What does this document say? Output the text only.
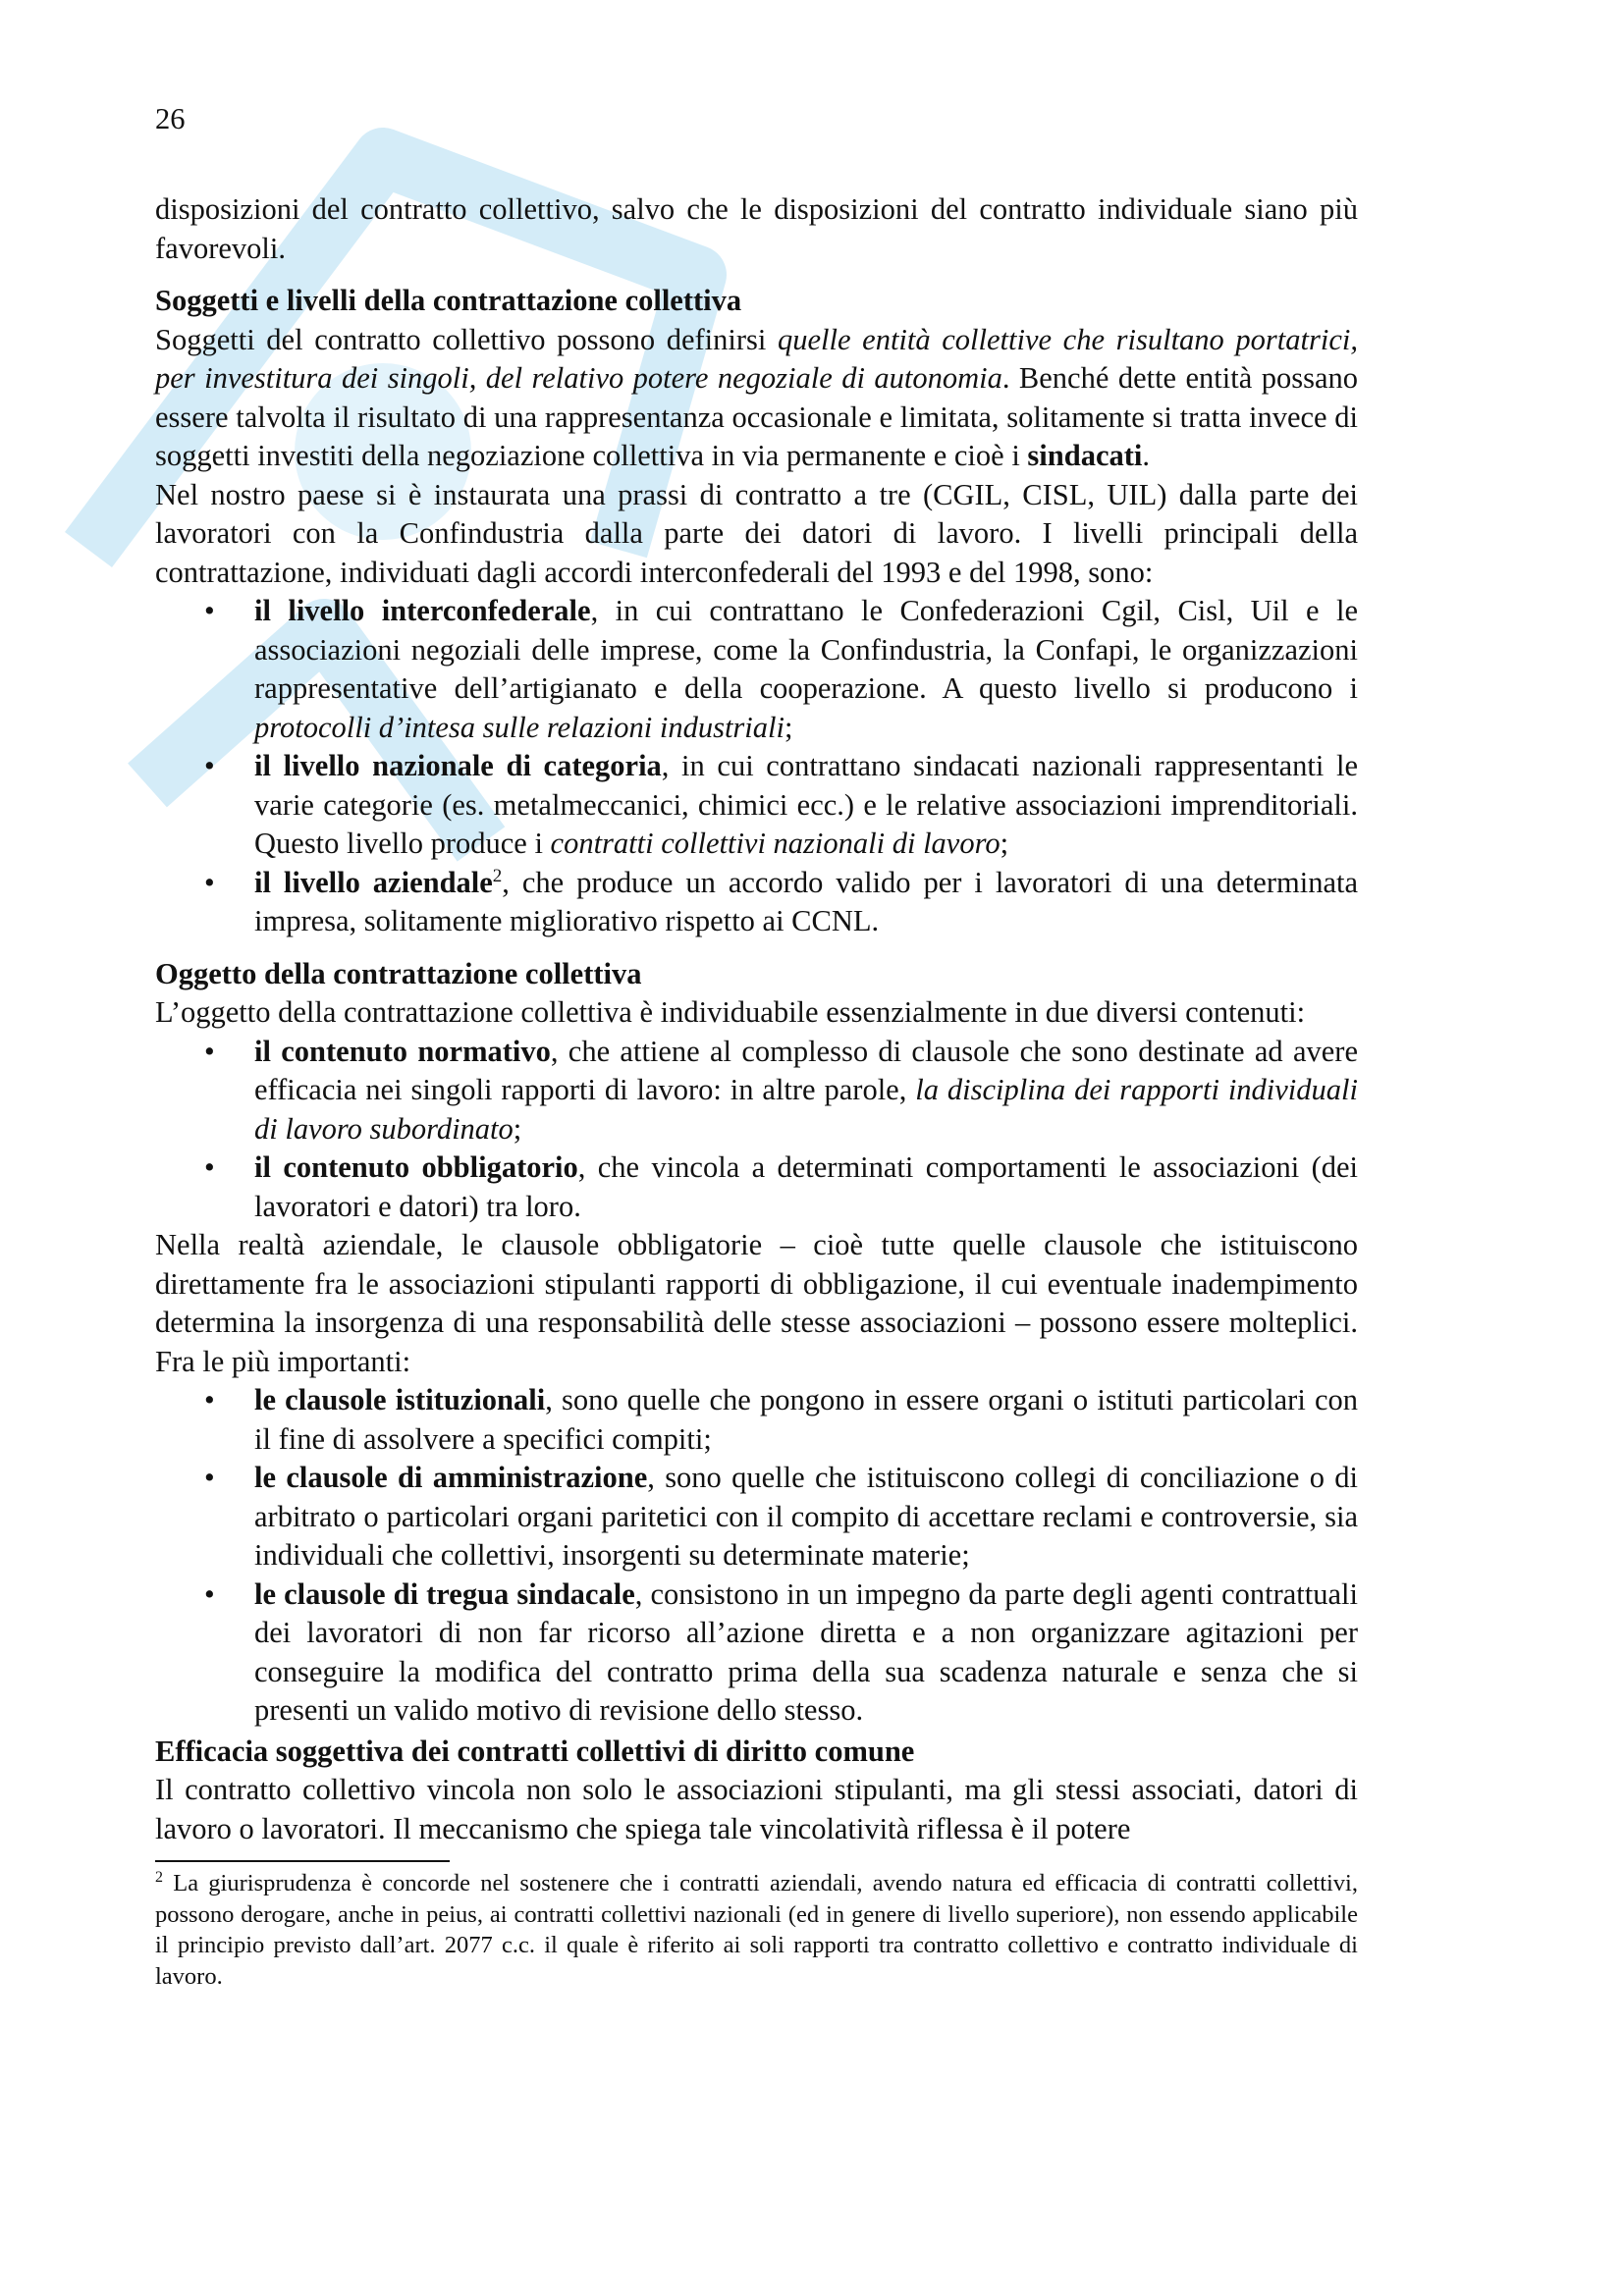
26

disposizioni del contratto collettivo, salvo che le disposizioni del contratto individuale siano più favorevoli.

Soggetti e livelli della contrattazione collettiva

Soggetti del contratto collettivo possono definirsi quelle entità collettive che risultano portatrici, per investitura dei singoli, del relativo potere negoziale di autonomia. Benché dette entità possano essere talvolta il risultato di una rappresentanza occasionale e limitata, solitamente si tratta invece di soggetti investiti della negoziazione collettiva in via permanente e cioè i sindacati.

Nel nostro paese si è instaurata una prassi di contratto a tre (CGIL, CISL, UIL) dalla parte dei lavoratori con la Confindustria dalla parte dei datori di lavoro. I livelli principali della contrattazione, individuati dagli accordi interconfederali del 1993 e del 1998, sono:

• il livello interconfederale, in cui contrattano le Confederazioni Cgil, Cisl, Uil e le associazioni negoziali delle imprese, come la Confindustria, la Confapi, le organizzazioni rappresentative dell’artigianato e della cooperazione. A questo livello si producono i protocolli d’intesa sulle relazioni industriali;
• il livello nazionale di categoria, in cui contrattano sindacati nazionali rappresentanti le varie categorie (es. metalmeccanici, chimici ecc.) e le relative associazioni imprenditoriali. Questo livello produce i contratti collettivi nazionali di lavoro;
• il livello aziendale$^2$, che produce un accordo valido per i lavoratori di una determinata impresa, solitamente migliorativo rispetto ai CCNL.
Oggetto della contrattazione collettiva

L’oggetto della contrattazione collettiva è individuabile essenzialmente in due diversi contenuti:

• il contenuto normativo, che attiene al complesso di clausole che sono destinate ad avere efficacia nei singoli rapporti di lavoro: in altre parole, la disciplina dei rapporti individuali di lavoro subordinato;
• il contenuto obbligatorio, che vincola a determinati comportamenti le associazioni (dei lavoratori e datori) tra loro.

Nella realtà aziendale, le clausole obbligatorie – cioè tutte quelle clausole che istituiscono direttamente fra le associazioni stipulanti rapporti di obbligazione, il cui eventuale inadempimento determina la insorgenza di una responsabilità delle stesse associazioni – possono essere molteplici. Fra le più importanti:

• le clausole istituzionali, sono quelle che pongono in essere organi o istituti particolari con il fine di assolvere a specifici compiti;
• le clausole di amministrazione, sono quelle che istituiscono collegi di conciliazione o di arbitrato o particolari organi paritetici con il compito di accettare reclami e controversie, sia individuali che collettivi, insorgenti su determinate materie;
• le clausole di tregua sindacale, consistono in un impegno da parte degli agenti contrattuali dei lavoratori di non far ricorso all’azione diretta e a non organizzare agitazioni per conseguire la modifica del contratto prima della sua scadenza naturale e senza che si presenti un valido motivo di revisione dello stesso.
Efficacia soggettiva dei contratti collettivi di diritto comune

Il contratto collettivo vincola non solo le associazioni stipulanti, ma gli stessi associati, datori di lavoro o lavoratori. Il meccanismo che spiega tale vincolatività riflessa è il potere

$^2$ La giurisprudenza è concorde nel sostenere che i contratti aziendali, avendo natura ed efficacia di contratti collettivi, possono derogare, anche in peius, ai contratti collettivi nazionali (ed in genere di livello superiore), non essendo applicabile il principio previsto dall’art. 2077 c.c. il quale è riferito ai soli rapporti tra contratto collettivo e contratto individuale di lavoro.
